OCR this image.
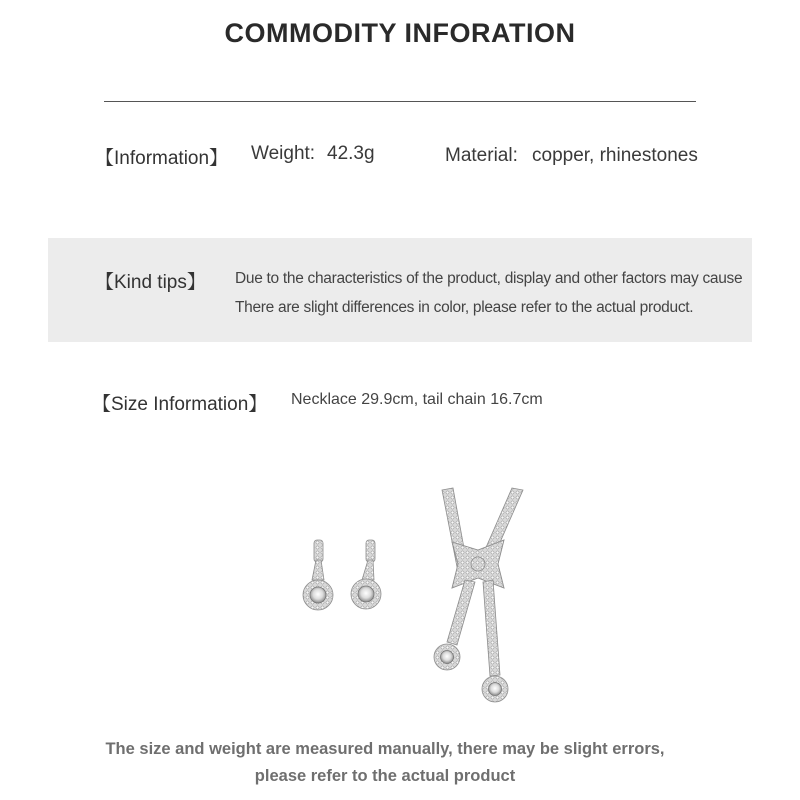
COMMODITY INFORATION
【Information】 Weight: 42.3g	Material: copper, rhinestones
【Kind tips】 Due to the characteristics of the product, display and other factors may cause
There are slight differences in color, please refer to the actual product.
【Size Information】 Necklace 29.9cm, tail chain 16.7cm
The size and weight are measured manually, there may be slight errors,
please refer to the actual product
